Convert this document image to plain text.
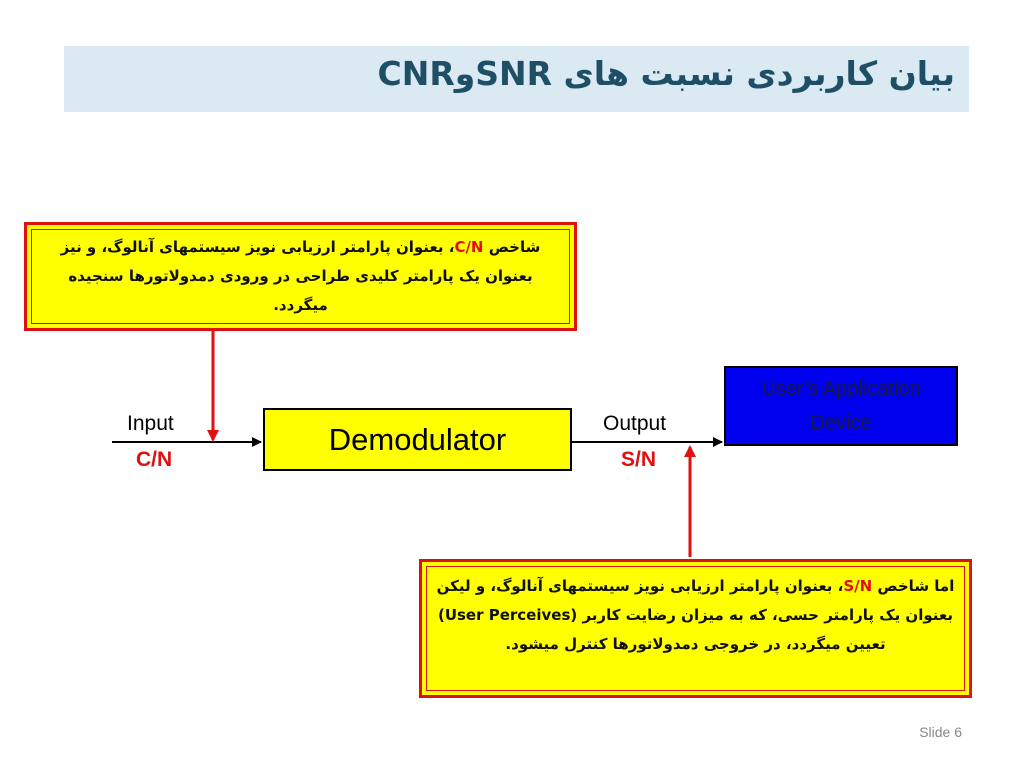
بیان کاربردی نسبت های SNRوCNR

شاخص C/N، بعنوان پارامتر ارزیابی نویز سیستمهای آنالوگ، و نیز بعنوان یک پارامتر کلیدی طراحی در ورودی دمدولاتورها سنجیده میگردد.

اما شاخص S/N، بعنوان پارامتر ارزیابی نویز سیستمهای آنالوگ، و لیکن بعنوان یک پارامتر حسی، که به میزان رضایت کاربر (User Perceives) تعیین میگردد، در خروجی دمدولاتورها کنترل میشود.

Demodulator
User’s Application Device
Input
C/N
Output
S/N
Slide 6
